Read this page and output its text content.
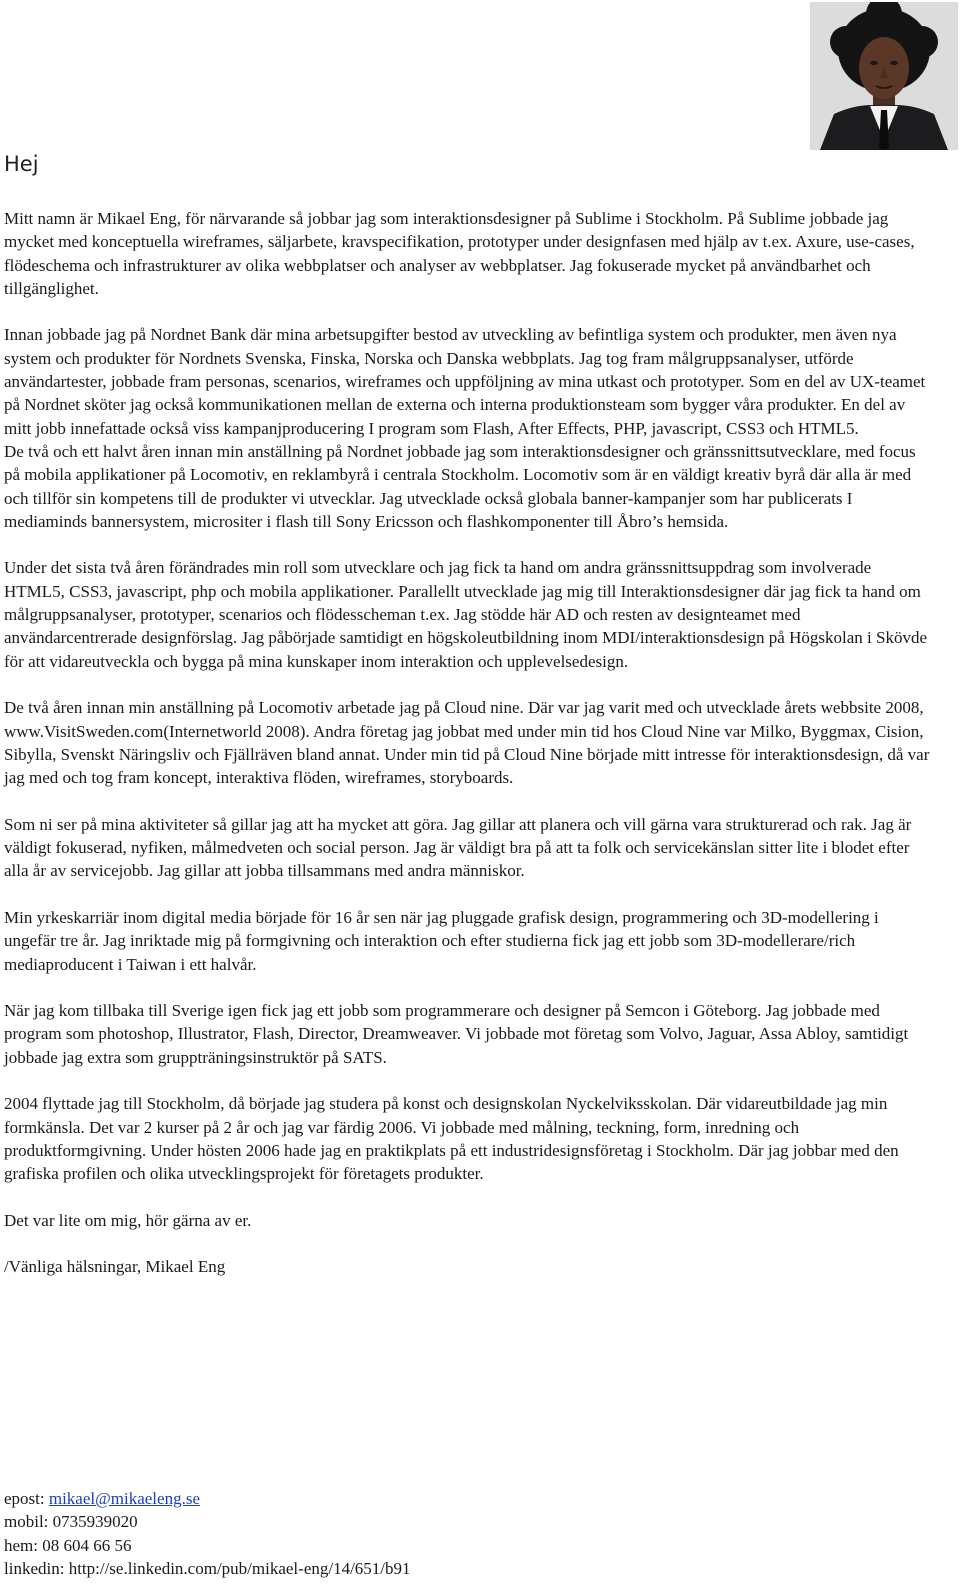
Hej

Mitt namn är Mikael Eng, för närvarande så jobbar jag som interaktionsdesigner på Sublime i Stockholm. På Sublime jobbade jag mycket med konceptuella wireframes, säljarbete, kravspecifikation, prototyper under designfasen med hjälp av t.ex. Axure, use-cases, flödeschema och infrastrukturer av olika webbplatser och analyser av webbplatser. Jag fokuserade mycket på användbarhet och tillgänglighet.

Innan jobbade jag på Nordnet Bank där mina arbetsupgifter bestod av utveckling av befintliga system och produkter, men även nya system och produkter för Nordnets Svenska, Finska, Norska och Danska webbplats. Jag tog fram målgruppsanalyser, utförde användartester, jobbade fram personas, scenarios, wireframes och uppföljning av mina utkast och prototyper. Som en del av UX-teamet på Nordnet sköter jag också kommunikationen mellan de externa och interna produktionsteam som bygger våra produkter. En del av mitt jobb innefattade också viss kampanjproducering I program som Flash, After Effects, PHP, javascript, CSS3 och HTML5.

De två och ett halvt åren innan min anställning på Nordnet jobbade jag som interaktionsdesigner och gränssnittsutvecklare, med focus på mobila applikationer på Locomotiv, en reklambyrå i centrala Stockholm. Locomotiv som är en väldigt kreativ byrå där alla är med och tillför sin kompetens till de produkter vi utvecklar. Jag utvecklade också globala banner-kampanjer som har publicerats I mediaminds bannersystem, micrositer i flash till Sony Ericsson och flashkomponenter till Åbro’s hemsida.

Under det sista två åren förändrades min roll som utvecklare och jag fick ta hand om andra gränssnittsuppdrag som involverade HTML5, CSS3, javascript, php och mobila applikationer. Parallellt utvecklade jag mig till Interaktionsdesigner där jag fick ta hand om målgruppsanalyser, prototyper, scenarios och flödesscheman t.ex. Jag stödde här AD och resten av designteamet med användarcentrerade designförslag. Jag påbörjade samtidigt en högskoleutbildning inom MDI/interaktionsdesign på Högskolan i Skövde för att vidareutveckla och bygga på mina kunskaper inom interaktion och upplevelsedesign.

De två åren innan min anställning på Locomotiv arbetade jag på Cloud nine. Där var jag varit med och utvecklade årets webbsite 2008, www.VisitSweden.com(Internetworld 2008). Andra företag jag jobbat med under min tid hos Cloud Nine var Milko, Byggmax, Cision, Sibylla, Svenskt Näringsliv och Fjällräven bland annat. Under min tid på Cloud Nine började mitt intresse för interaktionsdesign, då var jag med och tog fram koncept, interaktiva flöden, wireframes, storyboards.

Som ni ser på mina aktiviteter så gillar jag att ha mycket att göra. Jag gillar att planera och vill gärna vara strukturerad och rak. Jag är väldigt fokuserad, nyfiken, målmedveten och social person. Jag är väldigt bra på att ta folk och servicekänslan sitter lite i blodet efter alla år av servicejobb. Jag gillar att jobba tillsammans med andra människor.

Min yrkeskarriär inom digital media började för 16 år sen när jag pluggade grafisk design, programmering och 3D-modellering i ungefär tre år. Jag inriktade mig på formgivning och interaktion och efter studierna fick jag ett jobb som 3D-modellerare/rich mediaproducent i Taiwan i ett halvår.

När jag kom tillbaka till Sverige igen fick jag ett jobb som programmerare och designer på Semcon i Göteborg. Jag jobbade med program som photoshop, Illustrator, Flash, Director, Dreamweaver. Vi jobbade mot företag som Volvo, Jaguar, Assa Abloy, samtidigt jobbade jag extra som gruppträningsinstruktör på SATS.

2004 flyttade jag till Stockholm, då började jag studera på konst och designskolan Nyckelviksskolan. Där vidareutbildade jag min formkänsla. Det var 2 kurser på 2 år och jag var färdig 2006. Vi jobbade med målning, teckning, form, inredning och produktformgivning. Under hösten 2006 hade jag en praktikplats på ett industridesignsföretag i Stockholm. Där jag jobbar med den grafiska profilen och olika utvecklingsprojekt för företagets produkter.

Det var lite om mig, hör gärna av er.

/Vänliga hälsningar, Mikael Eng

epost: mikael@mikaeleng.se
mobil: 0735939020
hem: 08 604 66 56
linkedin: http://se.linkedin.com/pub/mikael-eng/14/651/b91
